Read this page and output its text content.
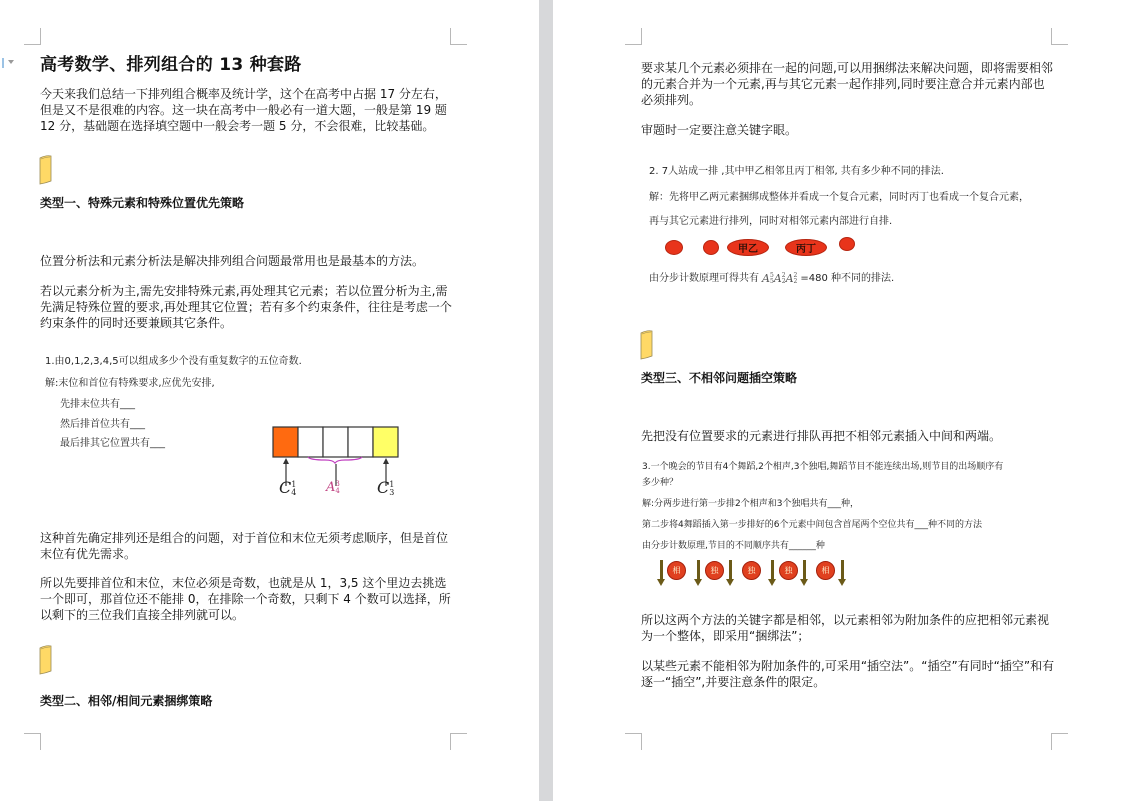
高考数学、排列组合的 13 种套路
今天来我们总结一下排列组合概率及统计学，这个在高考中占据 17 分左右，但是又不是很难的内容。这一块在高考中一般必有一道大题，一般是第 19 题 12 分，基础题在选择填空题中一般会考一题 5 分，不会很难，比较基础。
类型一、特殊元素和特殊位置优先策略
位置分析法和元素分析法是解决排列组合问题最常用也是最基本的方法。
若以元素分析为主,需先安排特殊元素,再处理其它元素；若以位置分析为主,需先满足特殊位置的要求,再处理其它位置；若有多个约束条件，往往是考虑一个约束条件的同时还要兼顾其它条件。
1.由0,1,2,3,4,5可以组成多少个没有重复数字的五位奇数.
解:末位和首位有特殊要求,应优先安排,
先排末位共有___
然后排首位共有___
最后排其它位置共有___
C 1
4 A 3
4 C 1
3
这种首先确定排列还是组合的问题，对于首位和末位无须考虑顺序，但是首位末位有优先需求。
所以先要排首位和末位，末位必须是奇数，也就是从 1，3,5 这个里边去挑选一个即可，那首位还不能排 0，在排除一个奇数，只剩下 4 个数可以选择，所以剩下的三位我们直接全排列就可以。
类型二、相邻/相间元素捆绑策略
要求某几个元素必须排在一起的问题,可以用捆绑法来解决问题，即将需要相邻的元素合并为一个元素,再与其它元素一起作排列,同时要注意合并元素内部也必须排列。
审题时一定要注意关键字眼。
2. 7人站成一排 ,其中甲乙相邻且丙丁相邻, 共有多少种不同的排法.
解：先将甲乙两元素捆绑成整体并看成一个复合元素，同时丙丁也看成一个复合元素，
再与其它元素进行排列，同时对相邻元素内部进行自排.
甲乙	丙丁
由分步计数原理可得共有 A 5
5 A 2
2 A 2
2 =480 种不同的排法.
类型三、不相邻问题插空策略
先把没有位置要求的元素进行排队再把不相邻元素插入中间和两端。
3.一个晚会的节目有4个舞蹈,2个相声,3个独唱,舞蹈节目不能连续出场,则节目的出场顺序有
多少种？
解:分两步进行第一步排2个相声和3个独唱共有___种，
第二步将4舞蹈插入第一步排好的6个元素中间包含首尾两个空位共有___种不同的方法
由分步计数原理,节目的不同顺序共有______种
相	独	独	独	相
所以这两个方法的关键字都是相邻，以元素相邻为附加条件的应把相邻元素视为一个整体，即采用“捆绑法”；
以某些元素不能相邻为附加条件的,可采用“插空法”。“插空”有同时“插空”和有逐一“插空”,并要注意条件的限定。
